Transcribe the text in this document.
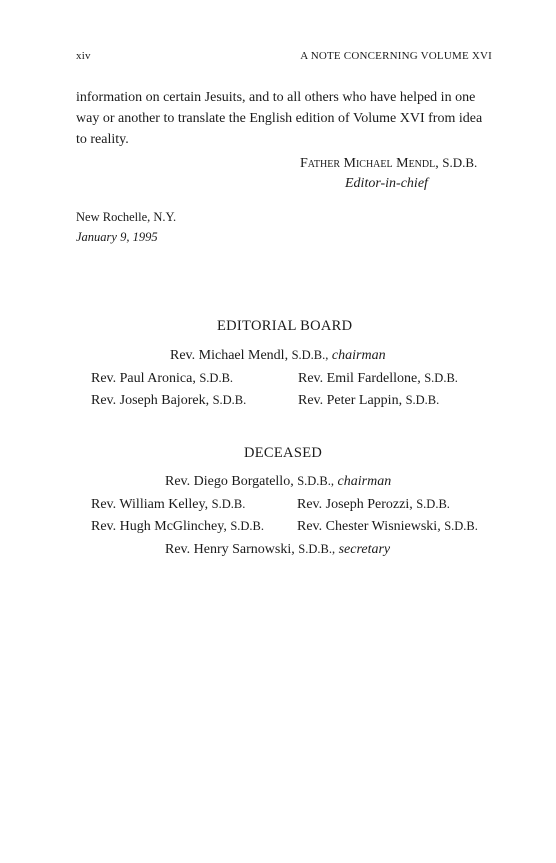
xiv	A NOTE CONCERNING VOLUME XVI
information on certain Jesuits, and to all others who have helped in one
way or another to translate the English edition of Volume XVI from idea
to reality.
Father Michael Mendl, S.D.B.
Editor-in-chief
New Rochelle, N.Y.
January 9, 1995
EDITORIAL BOARD
Rev. Michael Mendl, S.D.B., chairman
Rev. Paul Aronica, S.D.B.	Rev. Emil Fardellone, S.D.B.
Rev. Joseph Bajorek, S.D.B.	Rev. Peter Lappin, S.D.B.
DECEASED
Rev. Diego Borgatello, S.D.B., chairman
Rev. William Kelley, S.D.B.	Rev. Joseph Perozzi, S.D.B.
Rev. Hugh McGlinchey, S.D.B. Rev. Chester Wisniewski, S.D.B.
Rev. Henry Sarnowski, S.D.B., secretary
